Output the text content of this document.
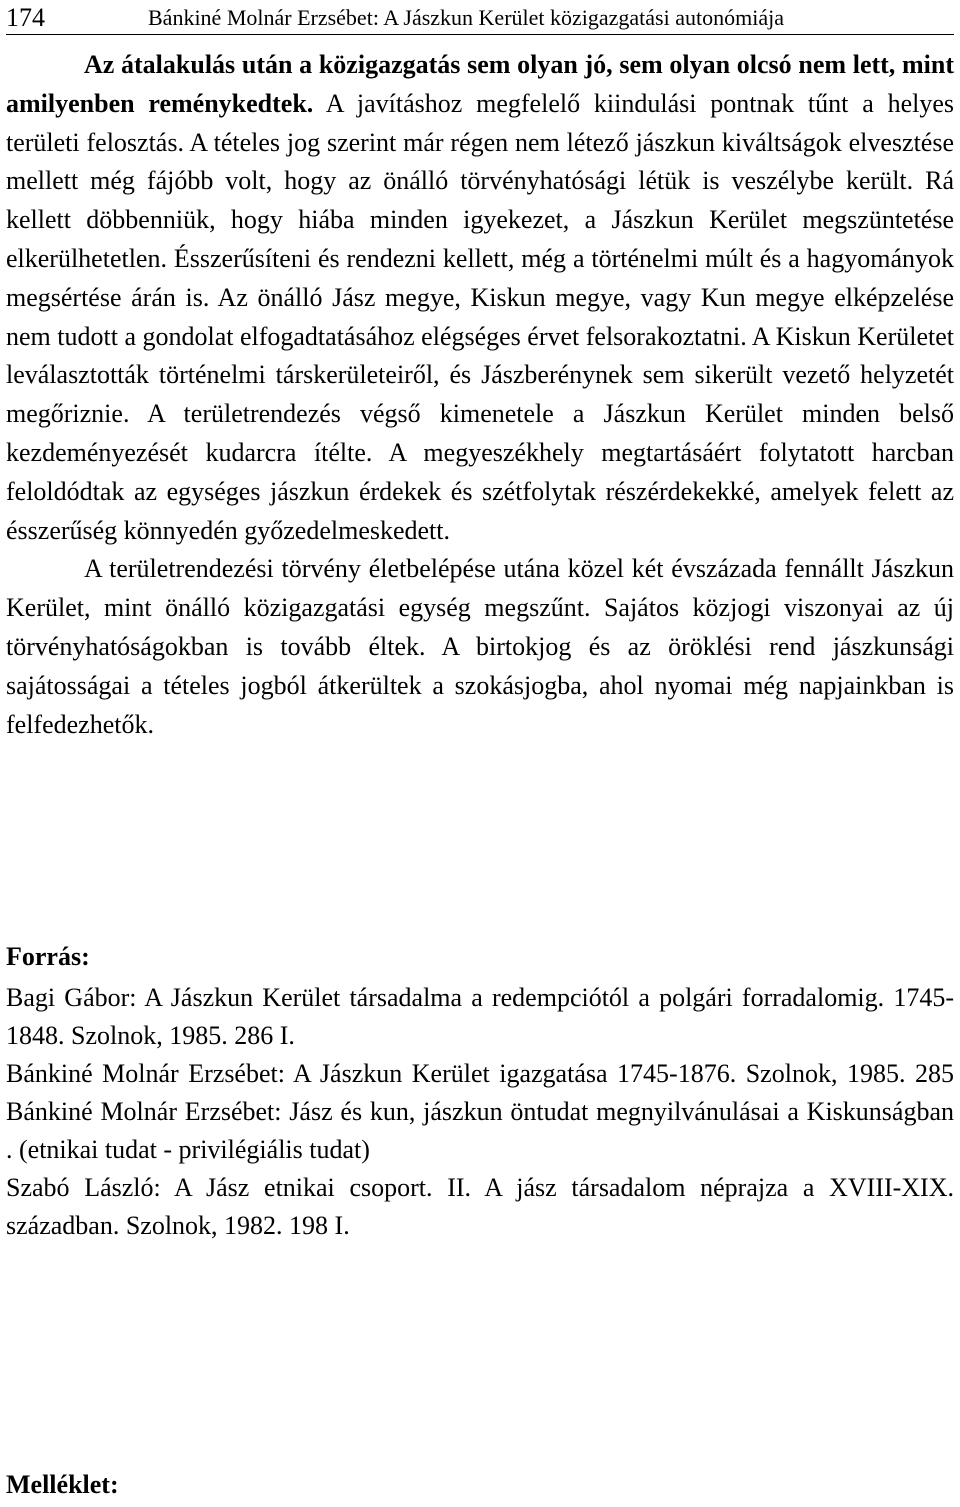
174	Bánkiné Molnár Erzsébet: A Jászkun Kerület közigazgatási autonómiája

Az átalakulás után a közigazgatás sem olyan jó, sem olyan olcsó nem lett, mint amilyenben reménykedtek. A javításhoz megfelelő kiindulási pontnak tűnt a helyes területi felosztás. A tételes jog szerint már régen nem létező jászkun kiváltságok elvesztése mellett még fájóbb volt, hogy az önálló törvényhatósági létük is veszélybe került. Rá kellett döbbenniük, hogy hiába minden igyekezet, a Jászkun Kerület megszüntetése elkerülhetetlen. Ésszerűsíteni és rendezni kellett, még a történelmi múlt és a hagyományok megsértése árán is. Az önálló Jász megye, Kiskun megye, vagy Kun megye elképzelése nem tudott a gondolat elfogadtatásához elégséges érvet felsorakoztatni. A Kiskun Kerületet leválasztották történelmi társkerületeiről, és Jászberénynek sem sikerült vezető helyzetét megőriznie. A területrendezés végső kimenetele a Jászkun Kerület minden belső kezdeményezését kudarcra ítélte. A megyeszékhely megtartásáért folytatott harcban feloldódtak az egységes jászkun érdekek és szétfolytak részérdekekké, amelyek felett az ésszerűség könnyedén győzedelmeskedett.

A területrendezési törvény életbelépése utána közel két évszázada fennállt Jászkun Kerület, mint önálló közigazgatási egység megszűnt. Sajátos közjogi viszonyai az új törvényhatóságokban is tovább éltek. A birtokjog és az öröklési rend jászkunsági sajátosságai a tételes jogból átkerültek a szokásjogba, ahol nyomai még napjainkban is felfedezhetők.

Forrás:

Bagi Gábor: A Jászkun Kerület társadalma a redempciótól a polgári forradalomig. 1745-1848. Szolnok, 1985. 286 I.

Bánkiné Molnár Erzsébet: A Jászkun Kerület igazgatása 1745-1876. Szolnok, 1985. 285 Bánkiné Molnár Erzsébet: Jász és kun, jászkun öntudat megnyilvánulásai a Kiskunságban . (etnikai tudat - privilégiális tudat)

Szabó László: A Jász etnikai csoport. II. A jász társadalom néprajza a XVIII-XIX. században. Szolnok, 1982. 198 I.

Melléklet:
